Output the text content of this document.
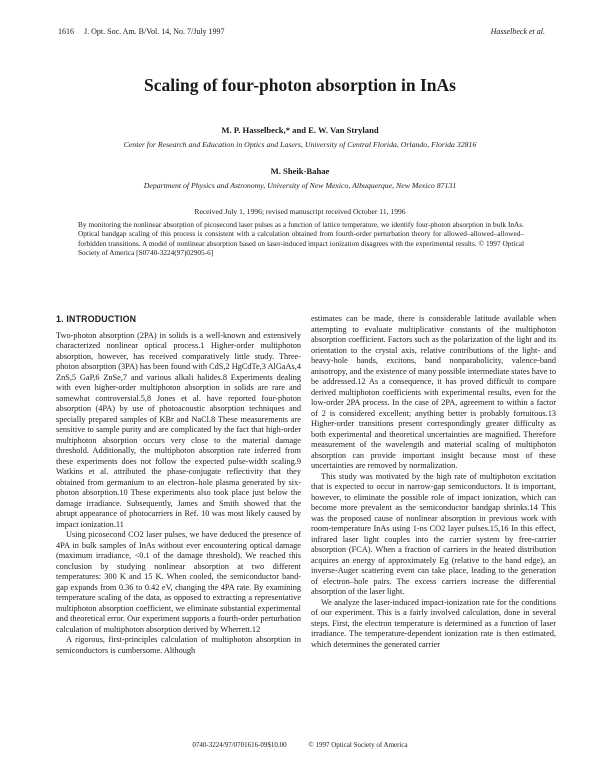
1616 J. Opt. Soc. Am. B/Vol. 14, No. 7/July 1997	Hasselbeck et al.
Scaling of four-photon absorption in InAs
M. P. Hasselbeck,* and E. W. Van Stryland
Center for Research and Education in Optics and Lasers, University of Central Florida, Orlando, Florida 32816
M. Sheik-Bahae
Department of Physics and Astronomy, University of New Mexico, Albuquerque, New Mexico 87131
Received July 1, 1996; revised manuscript received October 11, 1996
By monitoring the nonlinear absorption of picosecond laser pulses as a function of lattice temperature, we identify four-photon absorption in bulk InAs. Optical bandgap scaling of this process is consistent with a calculation obtained from fourth-order perturbation theory for allowed–allowed–allowed–forbidden transitions. A model of nonlinear absorption based on laser-induced impact ionization disagrees with the experimental results. © 1997 Optical Society of America [S0740-3224(97)02905-6]
1. INTRODUCTION

Two-photon absorption (2PA) in solids is a well-known and extensively characterized nonlinear optical process.1 Higher-order multiphoton absorption, however, has received comparatively little study. Three-photon absorption (3PA) has been found with CdS,2 HgCdTe,3 AlGaAs,4 ZnS,5 GaP,6 ZnSe,7 and various alkali halides.8 Experiments dealing with even higher-order multiphoton absorption in solids are rare and somewhat controversial.5,8 Jones et al. have reported four-photon absorption (4PA) by use of photoacoustic absorption techniques and specially prepared samples of KBr and NaCl.8 These measurements are sensitive to sample purity and are complicated by the fact that high-order multiphoton absorption occurs very close to the material damage threshold. Additionally, the multiphoton absorption rate inferred from these experiments does not follow the expected pulse-width scaling.9 Watkins et al. attributed the phase-conjugate reflectivity that they obtained from germanium to an electron–hole plasma generated by six-photon absorption.10 These experiments also took place just below the damage irradiance. Subsequently, James and Smith showed that the abrupt appearance of photocarriers in Ref. 10 was most likely caused by impact ionization.11

Using picosecond CO2 laser pulses, we have deduced the presence of 4PA in bulk samples of InAs without ever encountering optical damage (maximum irradiance, <0.1 of the damage threshold). We reached this conclusion by studying nonlinear absorption at two different temperatures: 300 K and 15 K. When cooled, the semiconductor band-gap expands from 0.36 to 0.42 eV, changing the 4PA rate. By examining temperature scaling of the data, as opposed to extracting a representative multiphoton absorption coefficient, we eliminate substantial experimental and theoretical error. Our experiment supports a fourth-order perturbation calculation of multiphoton absorption derived by Wherrett.12

A rigorous, first-principles calculation of multiphoton absorption in semiconductors is cumbersome. Although

estimates can be made, there is considerable latitude available when attempting to evaluate multiplicative constants of the multiphoton absorption coefficient. Factors such as the polarization of the light and its orientation to the crystal axis, relative contributions of the light- and heavy-hole bands, excitons, band nonparabolicity, valence-band anisotropy, and the existence of many possible intermediate states have to be addressed.12 As a consequence, it has proved difficult to compare derived multiphoton coefficients with experimental results, even for the low-order 2PA process. In the case of 2PA, agreement to within a factor of 2 is considered excellent; anything better is probably fortuitous.13 Higher-order transitions present correspondingly greater difficulty as both experimental and theoretical uncertainties are magnified. Therefore measurement of the wavelength and material scaling of multiphoton absorption can provide important insight because most of these uncertainties are removed by normalization.

This study was motivated by the high rate of multiphoton excitation that is expected to occur in narrow-gap semiconductors. It is important, however, to eliminate the possible role of impact ionization, which can become more prevalent as the semiconductor bandgap shrinks.14 This was the proposed cause of nonlinear absorption in previous work with room-temperature InAs using 1-ns CO2 layer pulses.15,16 In this effect, infrared laser light couples into the carrier system by free-carrier absorption (FCA). When a fraction of carriers in the heated distribution acquires an energy of approximately Eg (relative to the band edge), an inverse-Auger scattering event can take place, leading to the generation of electron–hole pairs. The excess carriers increase the differential absorption of the laser light.

We analyze the laser-induced impact-ionization rate for the conditions of our experiment. This is a fairly involved calculation, done in several steps. First, the electron temperature is determined as a function of laser irradiance. The temperature-dependent ionization rate is then estimated, which determines the generated carrier

0740-3224/97/0701616-09$10.00	© 1997 Optical Society of America
